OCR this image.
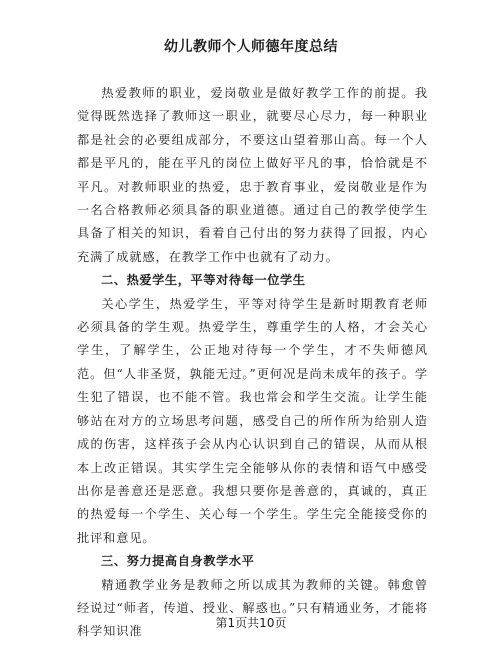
幼儿教师个人师德年度总结

热爱教师的职业，爱岗敬业是做好教学工作的前提。我觉得既然选择了教师这一职业，就要尽心尽力，每一种职业都是社会的必要组成部分，不要这山望着那山高。每一个人都是平凡的，能在平凡的岗位上做好平凡的事，恰恰就是不平凡。对教师职业的热爱，忠于教育事业，爱岗敬业是作为一名合格教师必须具备的职业道德。通过自己的教学使学生具备了相关的知识，看着自己付出的努力获得了回报，内心充满了成就感，在教学工作中也就有了动力。

二、热爱学生，平等对待每一位学生

关心学生，热爱学生，平等对待学生是新时期教育老师必须具备的学生观。热爱学生，尊重学生的人格，才会关心学生，了解学生，公正地对待每一个学生，才不失师德风范。但“人非圣贤，孰能无过。”更何况是尚未成年的孩子。学生犯了错误，也不能不管。我也常会和学生交流。让学生能够站在对方的立场思考问题，感受自己的所作所为给别人造成的伤害，这样孩子会从内心认识到自己的错误，从而从根本上改正错误。其实学生完全能够从你的表情和语气中感受出你是善意还是恶意。我想只要你是善意的，真诚的，真正的热爱每一个学生、关心每一个学生。学生完全能接受你的批评和意见。

三、努力提高自身教学水平

精通教学业务是教师之所以成其为教师的关键。韩愈曾经说过“师者，传道、授业、解惑也。”只有精通业务，才能将科学知识准

第1页共10页
